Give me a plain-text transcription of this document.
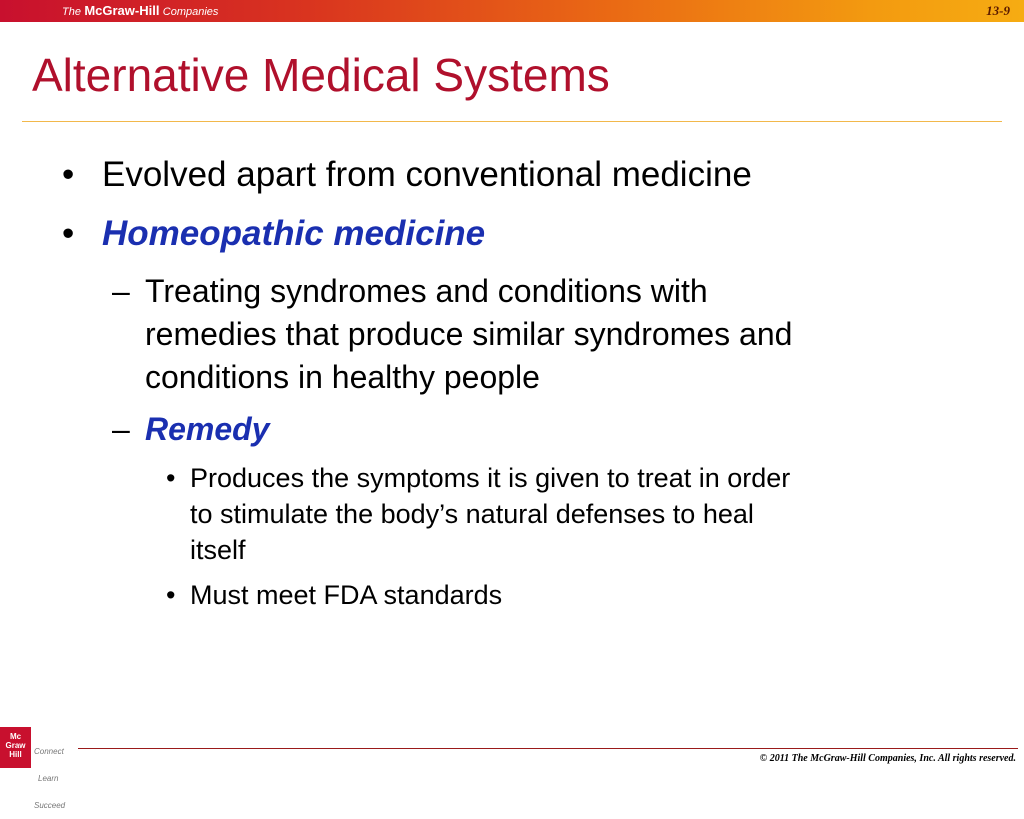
The McGraw-Hill Companies	13-9
Alternative Medical Systems
• Evolved apart from conventional medicine
• Homeopathic medicine
– Treating syndromes and conditions with
remedies that produce similar syndromes and
conditions in healthy people
– Remedy
• Produces the symptoms it is given to treat in order
to stimulate the body’s natural defenses to heal
itself
• Must meet FDA standards
Mc
Graw
Hill

	Connect

Learn

Succeed

© 2011 The McGraw-Hill Companies, Inc. All rights reserved.
